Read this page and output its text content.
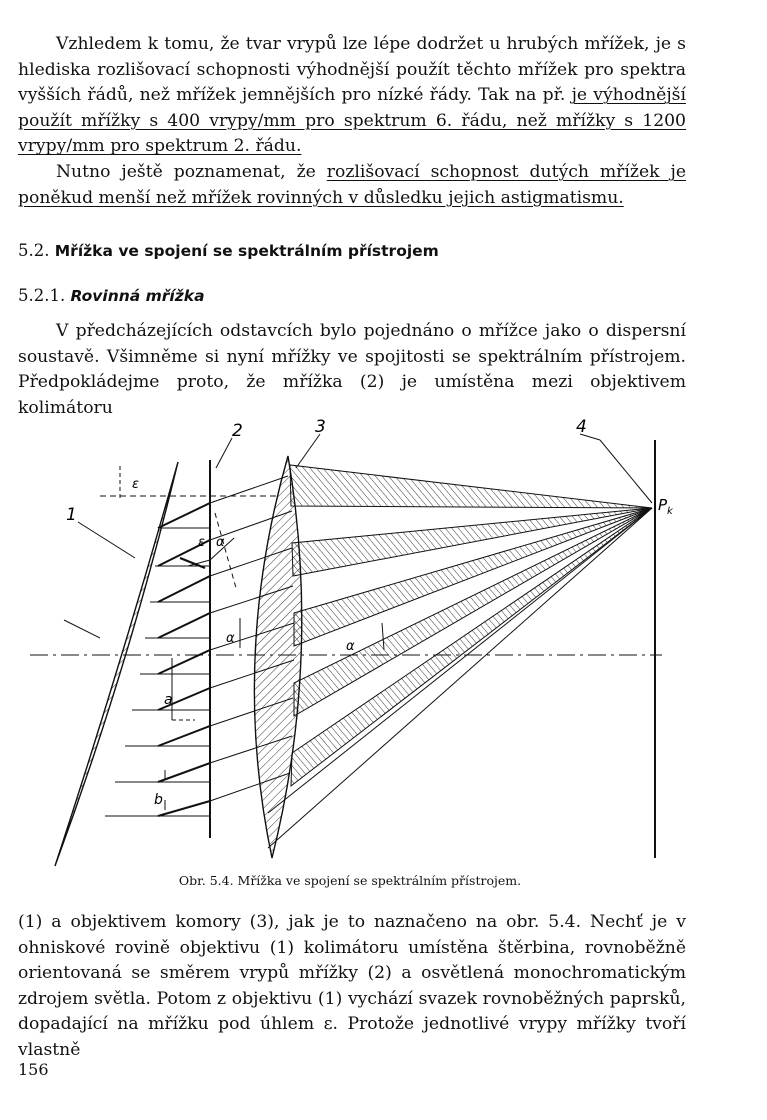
Vzhledem k tomu, že tvar vrypů lze lépe dodržet u hrubých mřížek, je s hlediska rozlišovací schopnosti výhodnější použít těchto mřížek pro spektra vyšších řádů, než mřížek jemnějších pro nízké řády. Tak na př. je výhodnější použít mřížky s 400 vrypy/mm pro spektrum 6. řádu, než mřížky s 1200 vrypy/mm pro spektrum 2. řádu.

Nutno ještě poznamenat, že rozlišovací schopnost dutých mřížek je poněkud menší než mřížek rovinných v důsledku jejich astigmatismu.

5.2. Mřížka ve spojení se spektrálním přístrojem
5.2.1. Rovinná mřížka

V předcházejících odstavcích bylo pojednáno o mřížce jako o dispersní soustavě. Všimněme si nyní mřížky ve spojitosti se spektrálním přístrojem. Předpokládejme proto, že mřížka (2) je umístěna mezi objektivem kolimátoru

1
2	3	4
$P_k$
ε
ε α
α
α
a
b
Obr. 5.4. Mřížka ve spojení se spektrálním přístrojem.

(1) a objektivem komory (3), jak je to naznačeno na obr. 5.4. Nechť je v ohniskové rovině objektivu (1) kolimátoru umístěna štěrbina, rovnoběžně orientovaná se směrem vrypů mřížky (2) a osvětlená monochromatickým zdrojem světla. Potom z objektivu (1) vychází svazek rovnoběžných paprsků, dopadající na mřížku pod úhlem ε. Protože jednotlivé vrypy mřížky tvoří vlastně

156
